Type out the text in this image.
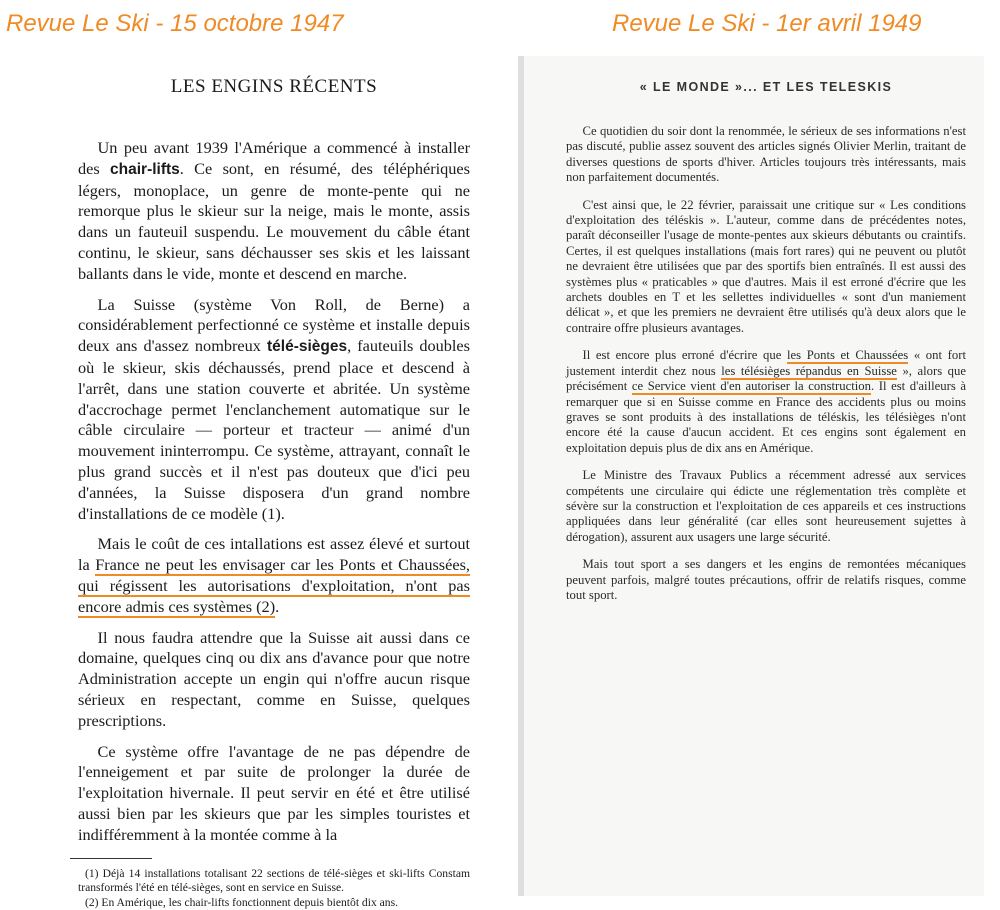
Revue Le Ski - 15 octobre 1947	Revue Le Ski - 1er avril 1949
LES ENGINS RÉCENTS

Un peu avant 1939 l'Amérique a commencé à installer des chair-lifts. Ce sont, en résumé, des téléphériques légers, monoplace, un genre de monte-pente qui ne remorque plus le skieur sur la neige, mais le monte, assis dans un fauteuil suspendu. Le mouvement du câble étant continu, le skieur, sans déchausser ses skis et les laissant ballants dans le vide, monte et descend en marche.

La Suisse (système Von Roll, de Berne) a considérablement perfectionné ce système et installe depuis deux ans d'assez nombreux télé-sièges, fauteuils doubles où le skieur, skis déchaussés, prend place et descend à l'arrêt, dans une station couverte et abritée. Un système d'accrochage permet l'enclanchement automatique sur le câble circulaire — porteur et tracteur — animé d'un mouvement ininterrompu. Ce système, attrayant, connaît le plus grand succès et il n'est pas douteux que d'ici peu d'années, la Suisse disposera d'un grand nombre d'installations de ce modèle (1).

Mais le coût de ces intallations est assez élevé et surtout la France ne peut les envisager car les Ponts et Chaussées, qui régissent les autorisations d'exploitation, n'ont pas encore admis ces systèmes (2).

Il nous faudra attendre que la Suisse ait aussi dans ce domaine, quelques cinq ou dix ans d'avance pour que notre Administration accepte un engin qui n'offre aucun risque sérieux en respectant, comme en Suisse, quelques prescriptions.

Ce système offre l'avantage de ne pas dépendre de l'enneigement et par suite de prolonger la durée de l'exploitation hivernale. Il peut servir en été et être utilisé aussi bien par les skieurs que par les simples touristes et indifféremment à la montée comme à la

(1) Déjà 14 installations totalisant 22 sections de télé-sièges et ski-lifts Constam transformés l'été en télé-sièges, sont en service en Suisse.

(2) En Amérique, les chair-lifts fonctionnent depuis bientôt dix ans.

« LE MONDE »... ET LES TELESKIS

Ce quotidien du soir dont la renommée, le sérieux de ses informations n'est pas discuté, publie assez souvent des articles signés Olivier Merlin, traitant de diverses questions de sports d'hiver. Articles toujours très intéressants, mais non parfaitement documentés.

C'est ainsi que, le 22 février, paraissait une critique sur « Les conditions d'exploitation des téléskis ». L'auteur, comme dans de précédentes notes, paraît déconseiller l'usage de monte-pentes aux skieurs débutants ou craintifs. Certes, il est quelques installations (mais fort rares) qui ne peuvent ou plutôt ne devraient être utilisées que par des sportifs bien entraînés. Il est aussi des systèmes plus « praticables » que d'autres. Mais il est erroné d'écrire que les archets doubles en T et les sellettes individuelles « sont d'un maniement délicat », et que les premiers ne devraient être utilisés qu'à deux alors que le contraire offre plusieurs avantages.

Il est encore plus erroné d'écrire que les Ponts et Chaussées « ont fort justement interdit chez nous les télésièges répandus en Suisse », alors que précisément ce Service vient d'en autoriser la construction. Il est d'ailleurs à remarquer que si en Suisse comme en France des accidents plus ou moins graves se sont produits à des installations de téléskis, les télésièges n'ont encore été la cause d'aucun accident. Et ces engins sont également en exploitation depuis plus de dix ans en Amérique.

Le Ministre des Travaux Publics a récemment adressé aux services compétents une circulaire qui édicte une réglementation très complète et sévère sur la construction et l'exploitation de ces appareils et ces instructions appliquées dans leur généralité (car elles sont heureusement sujettes à dérogation), assurent aux usagers une large sécurité.

Mais tout sport a ses dangers et les engins de remontées mécaniques peuvent parfois, malgré toutes précautions, offrir de relatifs risques, comme tout sport.
